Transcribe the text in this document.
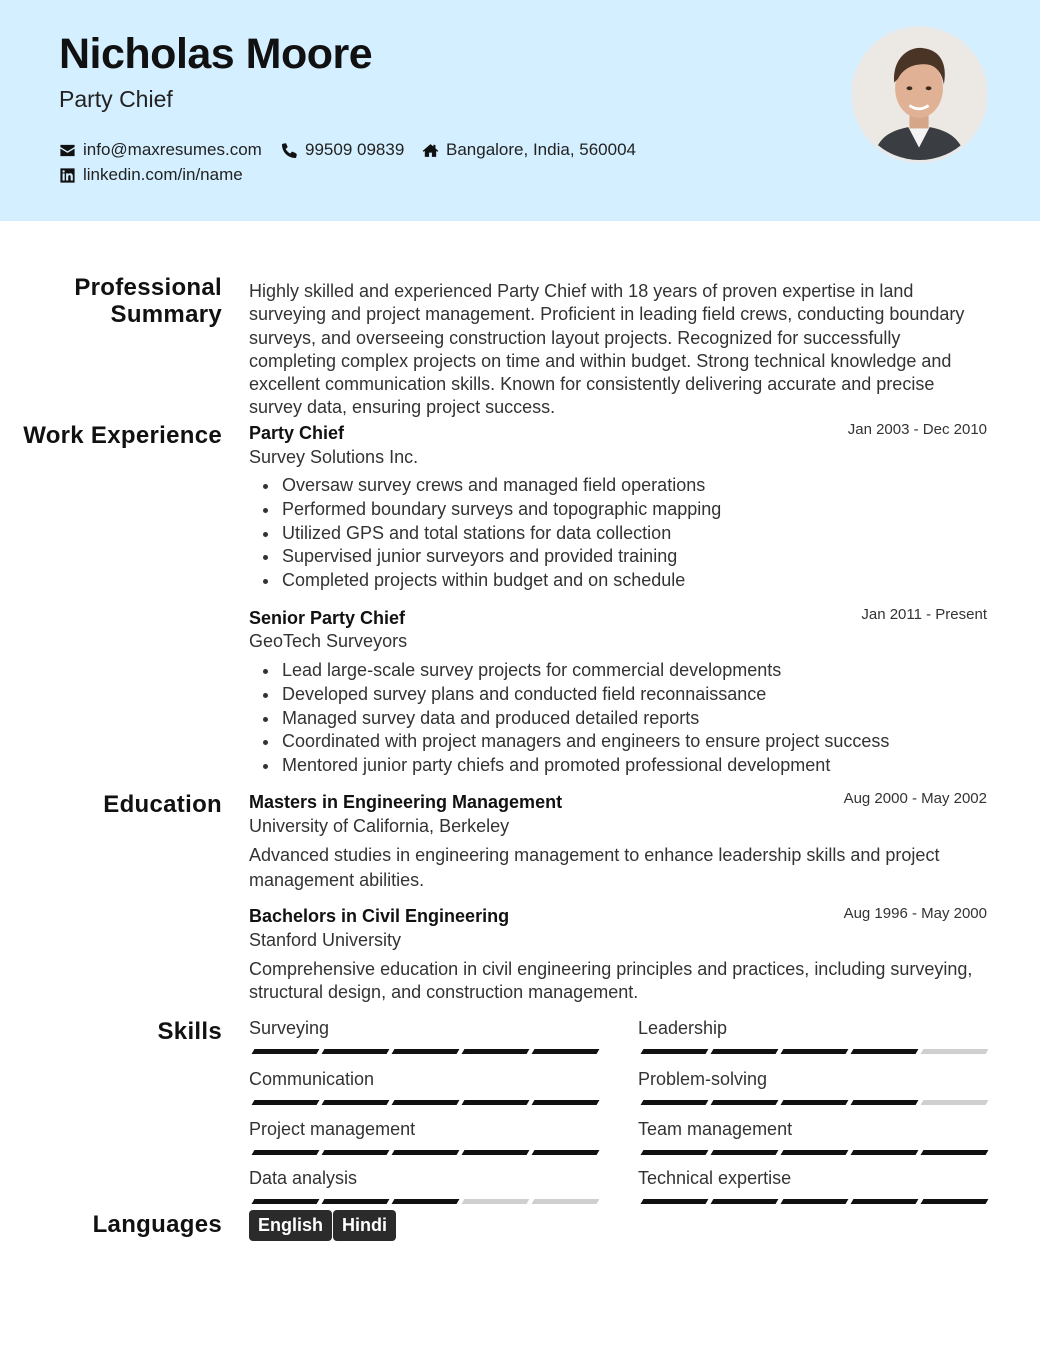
Nicholas Moore
Party Chief
info@maxresumes.com	99509 09839 Bangalore, India, 560004
linkedin.com/in/name
Professional Summary
Work Experience
Education
Skills
Languages
Highly skilled and experienced Party Chief with 18 years of proven expertise in land surveying and project management. Proficient in leading field crews, conducting boundary surveys, and overseeing construction layout projects. Recognized for successfully completing complex projects on time and within budget. Strong technical knowledge and excellent communication skills. Known for consistently delivering accurate and precise survey data, ensuring project success.
Party Chief	Jan 2003 - Dec 2010
Survey Solutions Inc.
Oversaw survey crews and managed field operations
Performed boundary surveys and topographic mapping
Utilized GPS and total stations for data collection
Supervised junior surveyors and provided training
Completed projects within budget and on schedule
Senior Party Chief	Jan 2011 - Present
GeoTech Surveyors
Lead large-scale survey projects for commercial developments
Developed survey plans and conducted field reconnaissance
Managed survey data and produced detailed reports
Coordinated with project managers and engineers to ensure project success
Mentored junior party chiefs and promoted professional development
Masters in Engineering Management	Aug 2000 - May 2002
University of California, Berkeley
Advanced studies in engineering management to enhance leadership skills and project management abilities.
Bachelors in Civil Engineering	Aug 1996 - May 2000
Stanford University
Comprehensive education in civil engineering principles and practices, including surveying, structural design, and construction management.
Surveying	Leadership
Communication	Problem-solving
Project management	Team management
Data analysis	Technical expertise
English	Hindi
